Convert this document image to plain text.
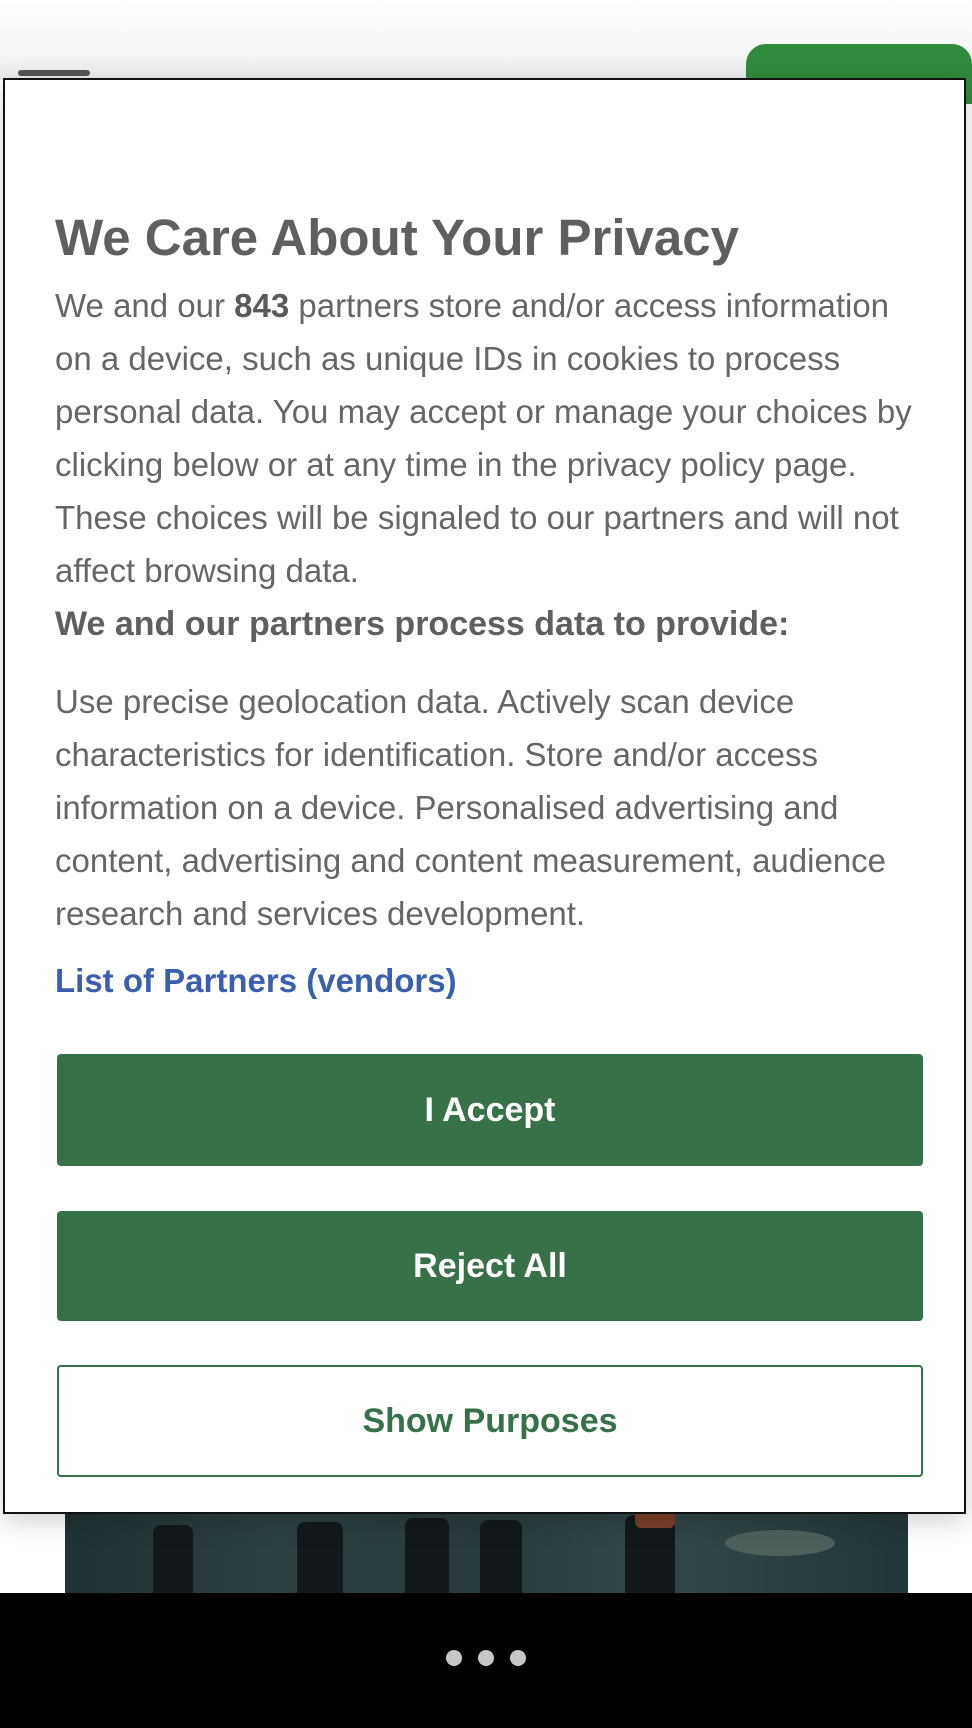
We Care About Your Privacy

We and our 843 partners store and/or access information on a device, such as unique IDs in cookies to process personal data. You may accept or manage your choices by clicking below or at any time in the privacy policy page. These choices will be signaled to our partners and will not affect browsing data.

We and our partners process data to provide:

Use precise geolocation data. Actively scan device characteristics for identification. Store and/or access information on a device. Personalised advertising and content, advertising and content measurement, audience research and services development.

List of Partners (vendors)
I Accept
Reject All
Show Purposes
